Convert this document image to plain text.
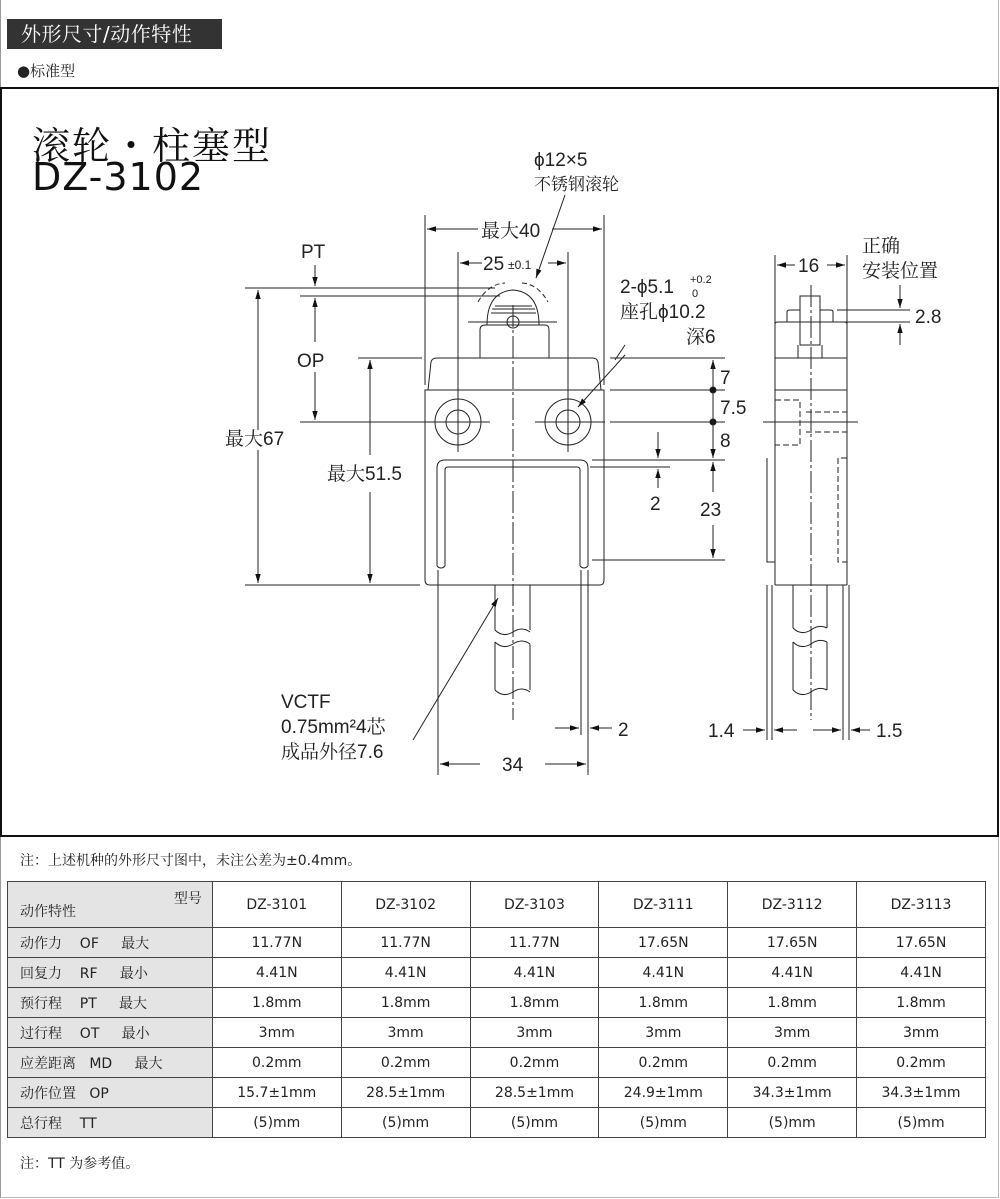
外形尺寸/动作特性
●标准型
滚轮・柱塞型
DZ-3102	ϕ12×5
不锈钢滚轮
最大40
25 ±0.1
2-ϕ5.1 +0.2
0
座孔ϕ10.2
深6
PT
OP
最大67
最大51.5
7
7.5
8
2 23
VCTF
0.75mm²4芯
成品外径7.6
34
2
16
正确
安装位置
2.8
1.4	1.5
注：上述机种的外形尺寸图中，未注公差为±0.4mm。
型号
动作特性	DZ-3101	DZ-3102	DZ-3103	DZ-3111	DZ-3112	DZ-3113
动作力    OF     最大	11.77N	11.77N	11.77N	17.65N	17.65N	17.65N
回复力    RF     最小	4.41N	4.41N	4.41N	4.41N	4.41N	4.41N
预行程    PT     最大	1.8mm	1.8mm	1.8mm	1.8mm	1.8mm	1.8mm
过行程    OT     最小	3mm	3mm	3mm	3mm	3mm	3mm
应差距离   MD     最大	0.2mm	0.2mm	0.2mm	0.2mm	0.2mm	0.2mm
动作位置   OP	15.7±1mm	28.5±1mm	28.5±1mm	24.9±1mm	34.3±1mm	34.3±1mm
总行程    TT	(5)mm	(5)mm	(5)mm	(5)mm	(5)mm	(5)mm
注：TT 为参考值。
